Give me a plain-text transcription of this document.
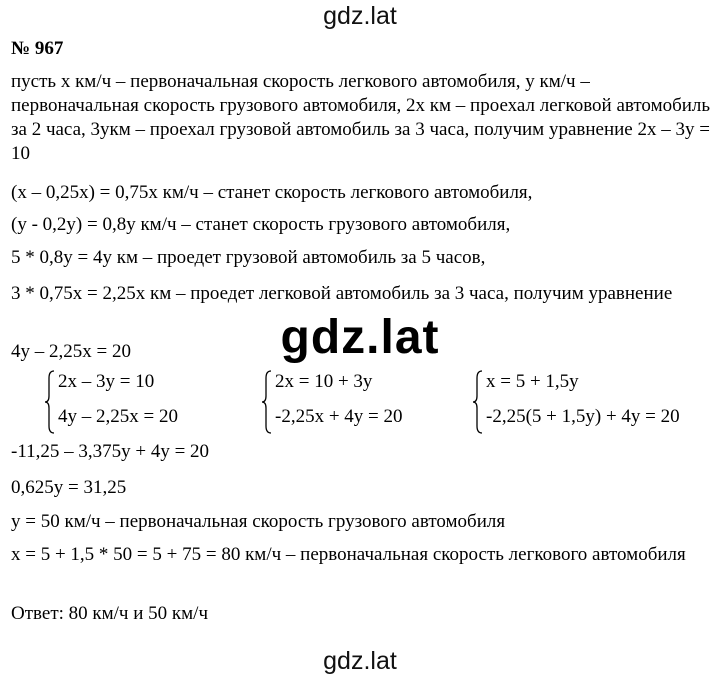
gdz.lat
№ 967

пусть х км/ч – первоначальная скорость легкового автомобиля, у км/ч – первоначальная скорость грузового автомобиля, 2х км – проехал легковой автомобиль за 2 часа, 3укм – проехал грузовой автомобиль за 3 часа, получим уравнение 2х – 3у = 10

(х – 0,25х) = 0,75х км/ч – станет скорость легкового автомобиля,

(у - 0,2у) = 0,8у км/ч – станет скорость грузового автомобиля,

5 * 0,8у = 4у км – проедет грузовой автомобиль за 5 часов,

3 * 0,75х = 2,25х км – проедет легковой автомобиль за 3 часа, получим уравнение

4у – 2,25х = 20	gdz.lat
2х – 3у = 10
4у – 2,25х = 20
2х = 10 + 3у
-2,25х + 4у = 20
х = 5 + 1,5у
-2,25(5 + 1,5у) + 4у = 20

-11,25 – 3,375у + 4у = 20

0,625у = 31,25

у = 50 км/ч – первоначальная скорость грузового автомобиля

х = 5 + 1,5 * 50 = 5 + 75 = 80 км/ч – первоначальная скорость легкового автомобиля

Ответ: 80 км/ч и 50 км/ч

gdz.lat
